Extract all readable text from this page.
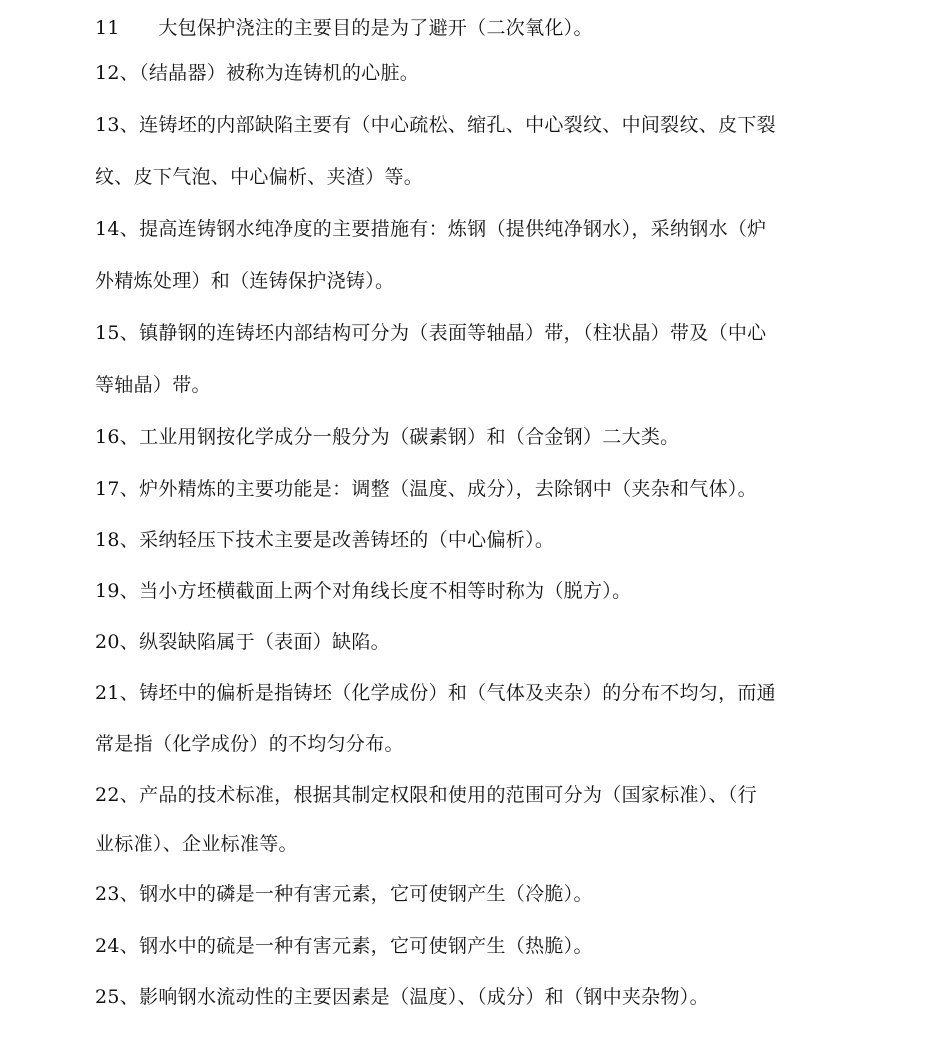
11　　大包保护浇注的主要目的是为了避开（二次氧化）。
12、（结晶器）被称为连铸机的心脏。
13、连铸坯的内部缺陷主要有（中心疏松、缩孔、中心裂纹、中间裂纹、皮下裂
纹、皮下气泡、中心偏析、夹渣）等。
14、提高连铸钢水纯净度的主要措施有：炼钢（提供纯净钢水），采纳钢水（炉
外精炼处理）和（连铸保护浇铸）。
15、镇静钢的连铸坯内部结构可分为（表面等轴晶）带，（柱状晶）带及（中心
等轴晶）带。
16、工业用钢按化学成分一般分为（碳素钢）和（合金钢）二大类。
17、炉外精炼的主要功能是：调整（温度、成分），去除钢中（夹杂和气体）。
18、采纳轻压下技术主要是改善铸坯的（中心偏析）。
19、当小方坯横截面上两个对角线长度不相等时称为（脱方）。
20、纵裂缺陷属于（表面）缺陷。
21、铸坯中的偏析是指铸坯（化学成份）和（气体及夹杂）的分布不均匀，而通
常是指（化学成份）的不均匀分布。
22、产品的技术标准，根据其制定权限和使用的范围可分为（国家标准）、（行
业标准）、企业标准等。
23、钢水中的磷是一种有害元素，它可使钢产生（冷脆）。
24、钢水中的硫是一种有害元素，它可使钢产生（热脆）。
25、影响钢水流动性的主要因素是（温度）、（成分）和（钢中夹杂物）。
